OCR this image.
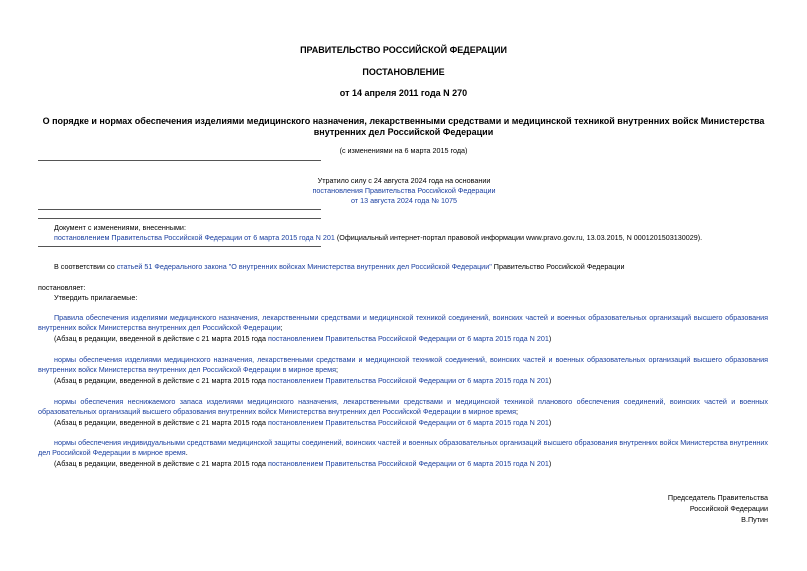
ПРАВИТЕЛЬСТВО РОССИЙСКОЙ ФЕДЕРАЦИИ
ПОСТАНОВЛЕНИЕ
от 14 апреля 2011 года N 270
О порядке и нормах обеспечения изделиями медицинского назначения, лекарственными средствами и медицинской техникой внутренних войск Министерства
внутренних дел Российской Федерации
(с изменениями на 6 марта 2015 года)
Утратило силу с 24 августа 2024 года на основании
постановления Правительства Российской Федерации
от 13 августа 2024 года № 1075
Документ с изменениями, внесенными:
постановлением Правительства Российской Федерации от 6 марта 2015 года N 201 (Официальный интернет-портал правовой информации www.pravo.gov.ru, 13.03.2015, N 0001201503130029).
В соответствии со статьей 51 Федерального закона "О внутренних войсках Министерства внутренних дел Российской Федерации" Правительство Российской Федерации
постановляет:
Утвердить прилагаемые:
Правила обеспечения изделиями медицинского назначения, лекарственными средствами и медицинской техникой соединений, воинских частей и военных образовательных организаций высшего образования
внутренних войск Министерства внутренних дел Российской Федерации;
(Абзац в редакции, введенной в действие с 21 марта 2015 года постановлением Правительства Российской Федерации от 6 марта 2015 года N 201)
нормы обеспечения изделиями медицинского назначения, лекарственными средствами и медицинской техникой соединений, воинских частей и военных образовательных организаций высшего образования
внутренних войск Министерства внутренних дел Российской Федерации в мирное время;
(Абзац в редакции, введенной в действие с 21 марта 2015 года постановлением Правительства Российской Федерации от 6 марта 2015 года N 201)
нормы обеспечения неснижаемого запаса изделиями медицинского назначения, лекарственными средствами и медицинской техникой планового обеспечения соединений, воинских частей и военных
образовательных организаций высшего образования внутренних войск Министерства внутренних дел Российской Федерации в мирное время;
(Абзац в редакции, введенной в действие с 21 марта 2015 года постановлением Правительства Российской Федерации от 6 марта 2015 года N 201)
нормы обеспечения индивидуальными средствами медицинской защиты соединений, воинских частей и военных образовательных организаций высшего образования внутренних войск Министерства внутренних
дел Российской Федерации в мирное время.
(Абзац в редакции, введенной в действие с 21 марта 2015 года постановлением Правительства Российской Федерации от 6 марта 2015 года N 201)
Председатель Правительства
Российской Федерации
В.Путин
